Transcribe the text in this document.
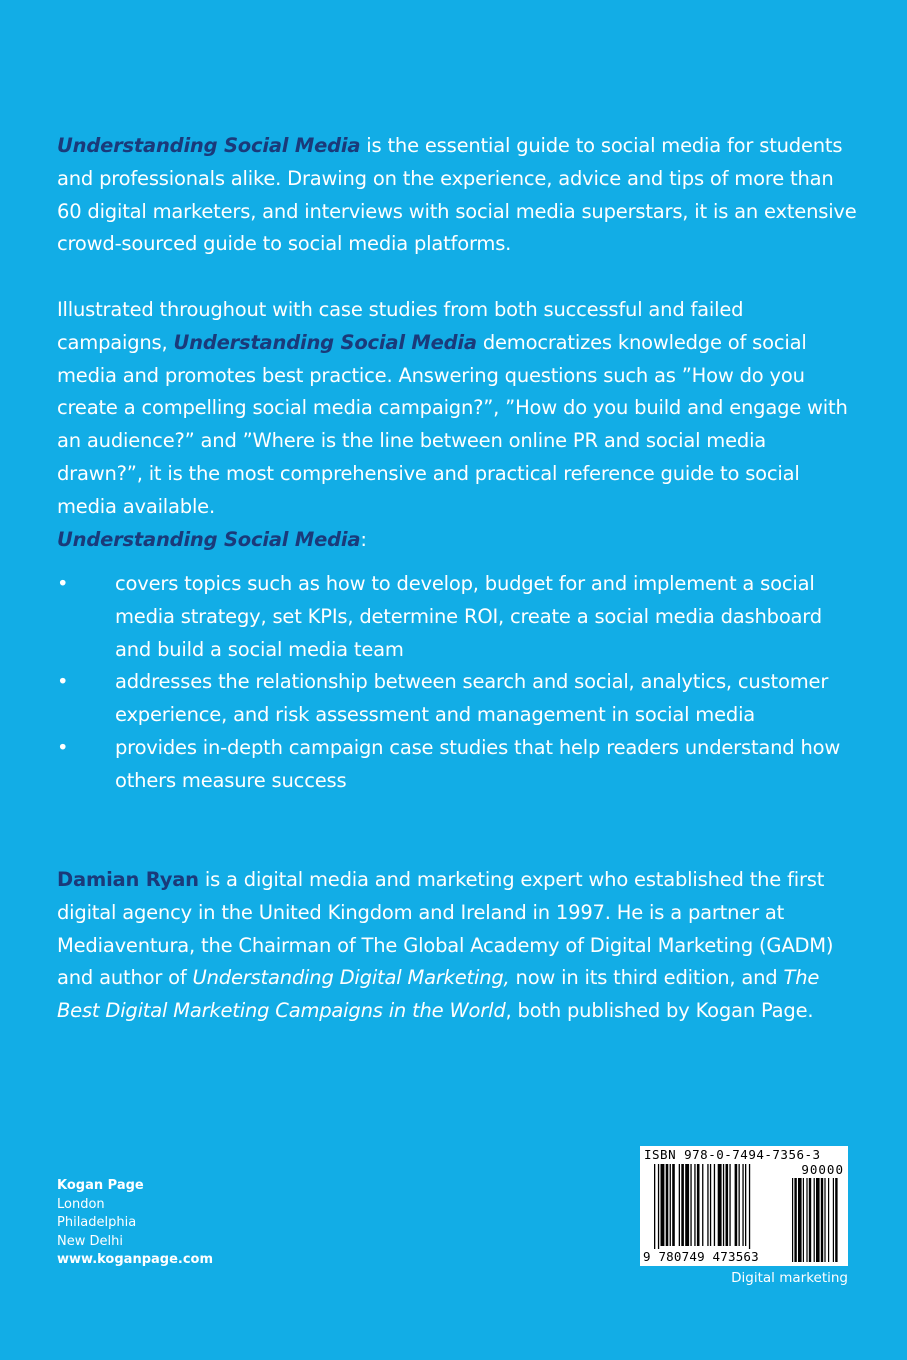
Understanding Social Media is the essential guide to social media for students and professionals alike. Drawing on the experience, advice and tips of more than 60 digital marketers, and interviews with social media superstars, it is an extensive crowd-sourced guide to social media platforms.

Illustrated throughout with case studies from both successful and failed campaigns, Understanding Social Media democratizes knowledge of social media and promotes best practice. Answering questions such as ”How do you create a compelling social media campaign?”, ”How do you build and engage with an audience?” and ”Where is the line between online PR and social media drawn?”, it is the most comprehensive and practical reference guide to social media available.

Understanding Social Media:

• covers topics such as how to develop, budget for and implement a social media strategy, set KPIs, determine ROI, create a social media dashboard and build a social media team
• addresses the relationship between search and social, analytics, customer experience, and risk assessment and management in social media
• provides in-depth campaign case studies that help readers understand how others measure success

Damian Ryan is a digital media and marketing expert who established the first digital agency in the United Kingdom and Ireland in 1997. He is a partner at Mediaventura, the Chairman of The Global Academy of Digital Marketing (GADM) and author of Understanding Digital Marketing, now in its third edition, and The Best Digital Marketing Campaigns in the World, both published by Kogan Page.

Kogan Page
London
Philadelphia
New Delhi
www.koganpage.com
ISBN 978-0-7494-7356-3
90000
9 780749 473563
Digital marketing
